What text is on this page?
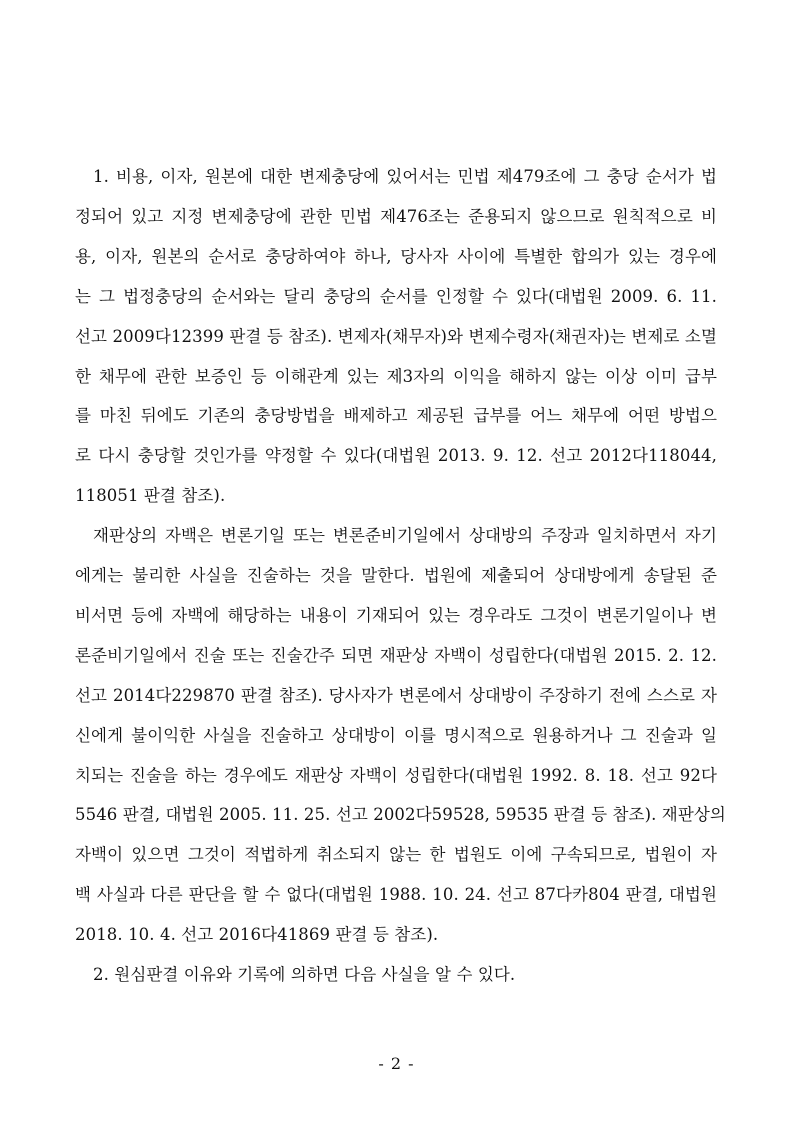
1. 비용, 이자, 원본에 대한 변제충당에 있어서는 민법 제479조에 그 충당 순서가 법
정되어 있고 지정 변제충당에 관한 민법 제476조는 준용되지 않으므로 원칙적으로 비
용, 이자, 원본의 순서로 충당하여야 하나, 당사자 사이에 특별한 합의가 있는 경우에
는 그 법정충당의 순서와는 달리 충당의 순서를 인정할 수 있다(대법원 2009. 6. 11.
선고 2009다12399 판결 등 참조). 변제자(채무자)와 변제수령자(채권자)는 변제로 소멸
한 채무에 관한 보증인 등 이해관계 있는 제3자의 이익을 해하지 않는 이상 이미 급부
를 마친 뒤에도 기존의 충당방법을 배제하고 제공된 급부를 어느 채무에 어떤 방법으
로 다시 충당할 것인가를 약정할 수 있다(대법원 2013. 9. 12. 선고 2012다118044,
118051 판결 참조).
재판상의 자백은 변론기일 또는 변론준비기일에서 상대방의 주장과 일치하면서 자기
에게는 불리한 사실을 진술하는 것을 말한다. 법원에 제출되어 상대방에게 송달된 준
비서면 등에 자백에 해당하는 내용이 기재되어 있는 경우라도 그것이 변론기일이나 변
론준비기일에서 진술 또는 진술간주 되면 재판상 자백이 성립한다(대법원 2015. 2. 12.
선고 2014다229870 판결 참조). 당사자가 변론에서 상대방이 주장하기 전에 스스로 자
신에게 불이익한 사실을 진술하고 상대방이 이를 명시적으로 원용하거나 그 진술과 일
치되는 진술을 하는 경우에도 재판상 자백이 성립한다(대법원 1992. 8. 18. 선고 92다
5546 판결, 대법원 2005. 11. 25. 선고 2002다59528, 59535 판결 등 참조). 재판상의
자백이 있으면 그것이 적법하게 취소되지 않는 한 법원도 이에 구속되므로, 법원이 자
백 사실과 다른 판단을 할 수 없다(대법원 1988. 10. 24. 선고 87다카804 판결, 대법원
2018. 10. 4. 선고 2016다41869 판결 등 참조).
2. 원심판결 이유와 기록에 의하면 다음 사실을 알 수 있다.
- 2 -
